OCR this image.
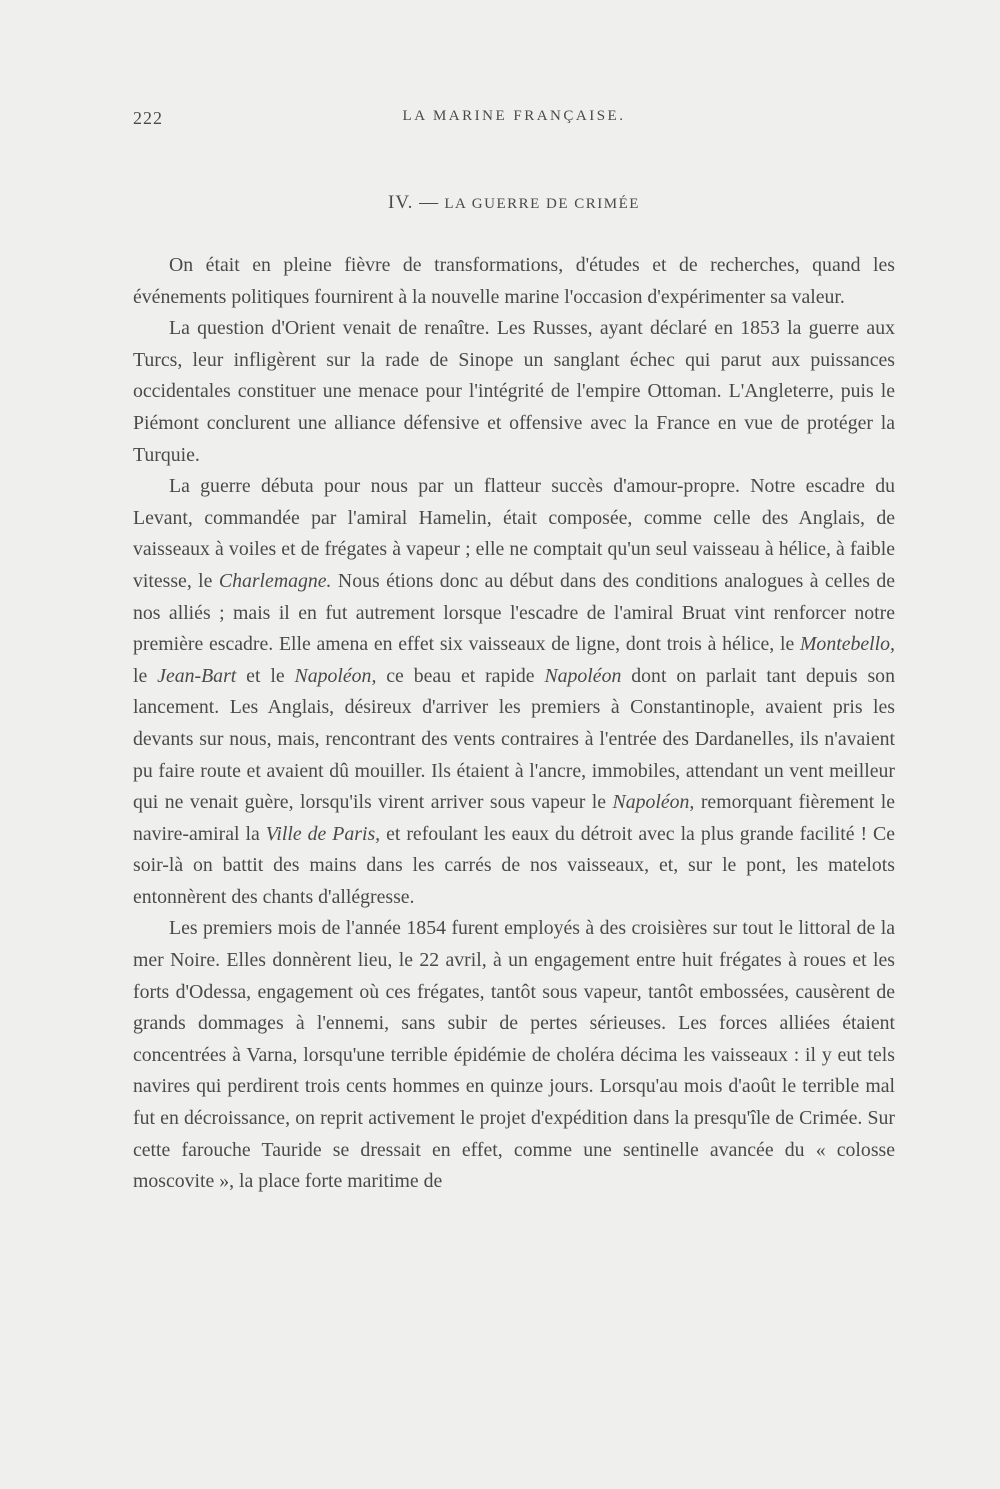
222	LA MARINE FRANÇAISE.
IV. — LA GUERRE DE CRIMÉE

On était en pleine fièvre de transformations, d'études et de recherches, quand les événements politiques fournirent à la nouvelle marine l'occasion d'expérimenter sa valeur.

La question d'Orient venait de renaître. Les Russes, ayant déclaré en 1853 la guerre aux Turcs, leur infligèrent sur la rade de Sinope un sanglant échec qui parut aux puissances occidentales constituer une menace pour l'intégrité de l'empire Ottoman. L'Angleterre, puis le Piémont conclurent une alliance défensive et offensive avec la France en vue de protéger la Turquie.

La guerre débuta pour nous par un flatteur succès d'amour-propre. Notre escadre du Levant, commandée par l'amiral Hamelin, était composée, comme celle des Anglais, de vaisseaux à voiles et de frégates à vapeur ; elle ne comptait qu'un seul vaisseau à hélice, à faible vitesse, le Charlemagne. Nous étions donc au début dans des conditions analogues à celles de nos alliés ; mais il en fut autrement lorsque l'escadre de l'amiral Bruat vint renforcer notre première escadre. Elle amena en effet six vaisseaux de ligne, dont trois à hélice, le Montebello, le Jean-Bart et le Napoléon, ce beau et rapide Napoléon dont on parlait tant depuis son lancement. Les Anglais, désireux d'arriver les premiers à Constantinople, avaient pris les devants sur nous, mais, rencontrant des vents contraires à l'entrée des Dardanelles, ils n'avaient pu faire route et avaient dû mouiller. Ils étaient à l'ancre, immobiles, attendant un vent meilleur qui ne venait guère, lorsqu'ils virent arriver sous vapeur le Napoléon, remorquant fièrement le navire-amiral la Ville de Paris, et refoulant les eaux du détroit avec la plus grande facilité ! Ce soir-là on battit des mains dans les carrés de nos vaisseaux, et, sur le pont, les matelots entonnèrent des chants d'allégresse.

Les premiers mois de l'année 1854 furent employés à des croisières sur tout le littoral de la mer Noire. Elles donnèrent lieu, le 22 avril, à un engagement entre huit frégates à roues et les forts d'Odessa, engagement où ces frégates, tantôt sous vapeur, tantôt embossées, causèrent de grands dommages à l'ennemi, sans subir de pertes sérieuses. Les forces alliées étaient concentrées à Varna, lorsqu'une terrible épidémie de choléra décima les vaisseaux : il y eut tels navires qui perdirent trois cents hommes en quinze jours. Lorsqu'au mois d'août le terrible mal fut en décroissance, on reprit activement le projet d'expédition dans la presqu'île de Crimée. Sur cette farouche Tauride se dressait en effet, comme une sentinelle avancée du « colosse moscovite », la place forte maritime de
